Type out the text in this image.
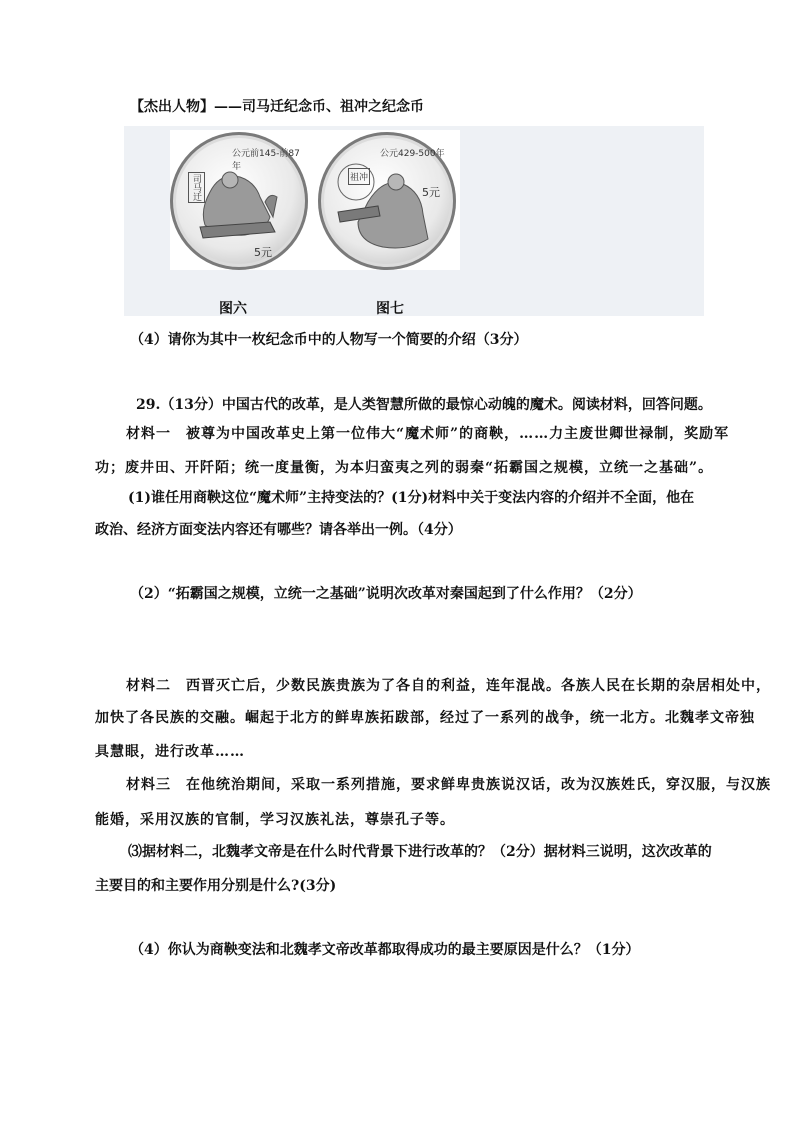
【杰出人物】——司马迁纪念币、祖冲之纪念币
司马迁
公元前145-前87年
5元
祖冲
公元429-500年
5元
图六	图七
（4）请你为其中一枚纪念币中的人物写一个简要的介绍（3分）
29.（13分）中国古代的改革，是人类智慧所做的最惊心动魄的魔术。阅读材料，回答问题。
材料一　被尊为中国改革史上第一位伟大“魔术师”的商鞅，……力主废世卿世禄制，奖励军
功；废井田、开阡陌；统一度量衡，为本归蛮夷之列的弱秦“拓霸国之规模，立统一之基础”。
(1)谁任用商鞅这位“魔术师”主持变法的？(1分)材料中关于变法内容的介绍并不全面，他在
政治、经济方面变法内容还有哪些？请各举出一例。（4分）
（2）“拓霸国之规模，立统一之基础”说明次改革对秦国起到了什么作用？（2分）
材料二　西晋灭亡后，少数民族贵族为了各自的利益，连年混战。各族人民在长期的杂居相处中，
加快了各民族的交融。崛起于北方的鲜卑族拓跋部，经过了一系列的战争，统一北方。北魏孝文帝独
具慧眼，进行改革……
材料三　在他统治期间，采取一系列措施，要求鲜卑贵族说汉话，改为汉族姓氏，穿汉服，与汉族
能婚，采用汉族的官制，学习汉族礼法，尊崇孔子等。
⑶据材料二，北魏孝文帝是在什么时代背景下进行改革的？（2分）据材料三说明，这次改革的
主要目的和主要作用分别是什么?(3分)
（4）你认为商鞅变法和北魏孝文帝改革都取得成功的最主要原因是什么？（1分）
